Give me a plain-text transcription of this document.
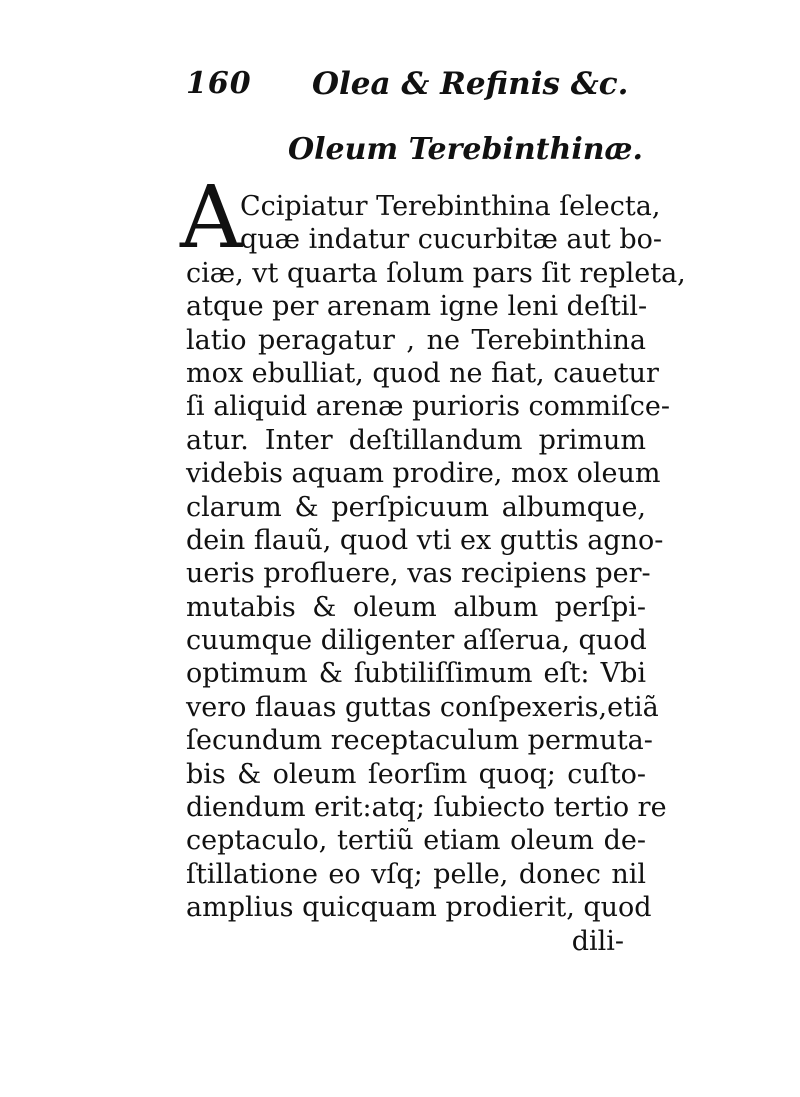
160 Olea & Refinis &c.
Oleum Terebinthinæ.
A
Ccipiatur Terebinthina ſelecta,
quæ indatur cucurbitæ aut bo-
ciæ, vt quarta ſolum pars ſit repleta,
atque per arenam igne leni deſtil-
latio peragatur , ne Terebinthina
mox ebulliat, quod ne fiat, cauetur
ſi aliquid arenæ purioris commiſce-
atur. Inter deſtillandum primum
videbis aquam prodire, mox oleum
clarum & perſpicuum albumque,
dein flauũ, quod vti ex guttis agno-
ueris profluere, vas recipiens per-
mutabis & oleum album perſpi-
cuumque diligenter aſſerua, quod
optimum & ſubtiliſſimum eſt: Vbi
vero flauas guttas conſpexeris,etiã
ſecundum receptaculum permuta-
bis & oleum ſeorſim quoq; cuſto-
diendum erit:atq; ſubiecto tertio re
ceptaculo, tertiũ etiam oleum de-
ſtillatione eo vſq; pelle, donec nil
amplius quicquam prodierit, quod
dili-
